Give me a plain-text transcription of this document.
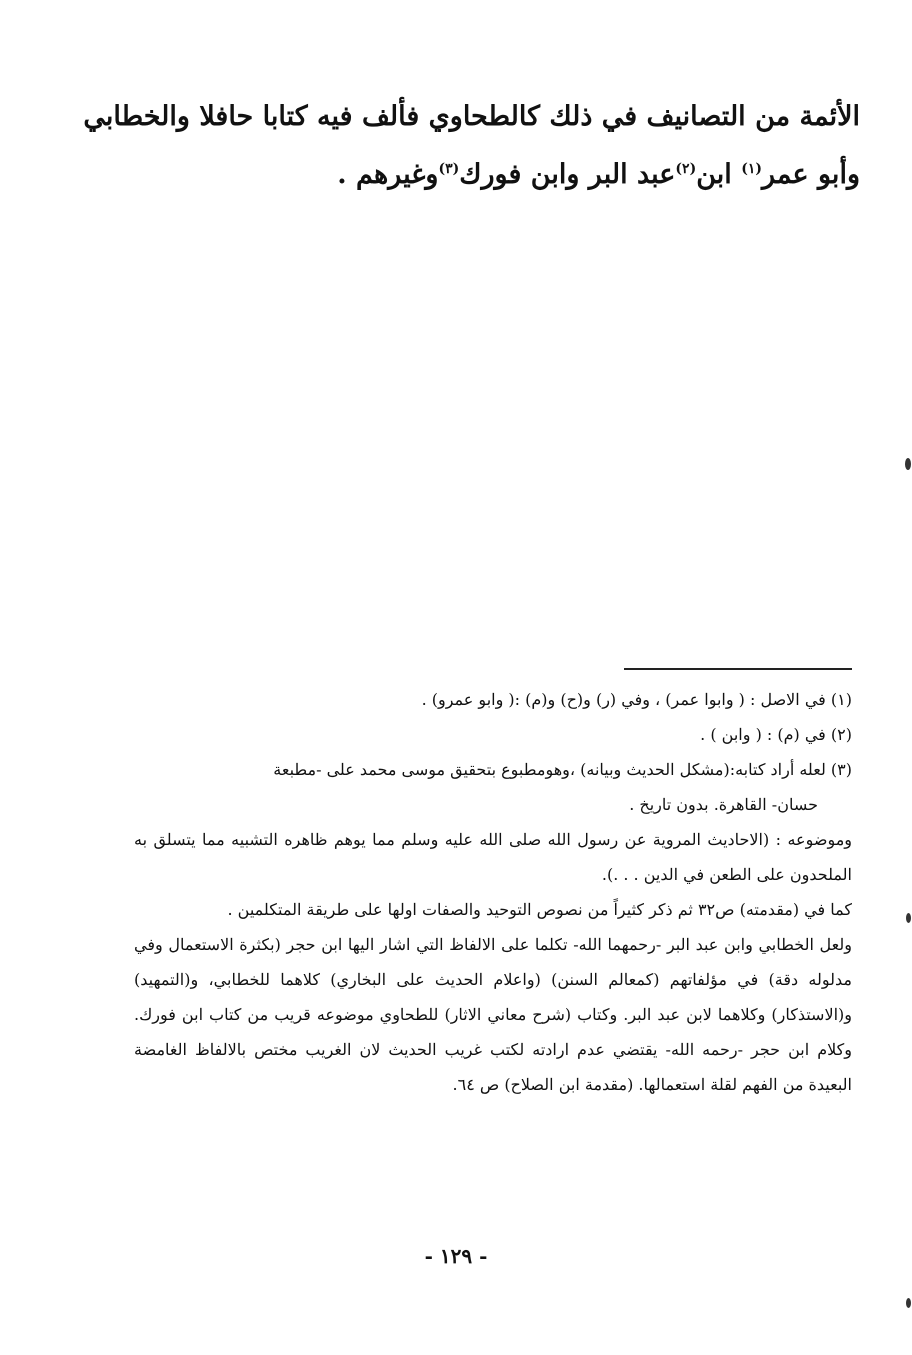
الأئمة من التصانيف في ذلك كالطحاوي فألف فيه كتابا حافلا والخطابي
وأبو عمر$^{(١)}$ ابن$^{(٢)}$عبد البر وابن فورك$^{(٣)}$وغيرهم .
(١) في الاصل : ( وابوا عمر) ، وفي (ر) و(ح) و(م) :( وابو عمرو) .
(٢) في (م) : ( وابن ) .
(٣) لعله أراد كتابه:(مشكل الحديث وبيانه) ،وهومطبوع بتحقيق موسى محمد على -مطبعة
حسان- القاهرة. بدون تاريخ .
وموضوعه : (الاحاديث المروية عن رسول الله صلى الله عليه وسلم مما يوهم ظاهره التشبيه مما يتسلق به الملحدون على الطعن في الدين . . .).
كما في (مقدمته) ص٣٢ ثم ذكر كثيراً من نصوص التوحيد والصفات اولها على طريقة المتكلمين .
ولعل الخطابي وابن عبد البر -رحمهما الله- تكلما على الالفاظ التي اشار اليها ابن حجر (بكثرة الاستعمال وفي مدلوله دقة) في مؤلفاتهم (كمعالم السنن) (واعلام الحديث على البخاري) كلاهما للخطابي، و(التمهيد) و(الاستذكار) وكلاهما لابن عبد البر. وكتاب (شرح معاني الاثار) للطحاوي موضوعه قريب من كتاب ابن فورك. وكلام ابن حجر -رحمه الله- يقتضي عدم ارادته لكتب غريب الحديث لان الغريب مختص بالالفاظ الغامضة البعيدة من الفهم لقلة استعمالها. (مقدمة ابن الصلاح) ص ٦٤.
- ١٢٩ -
